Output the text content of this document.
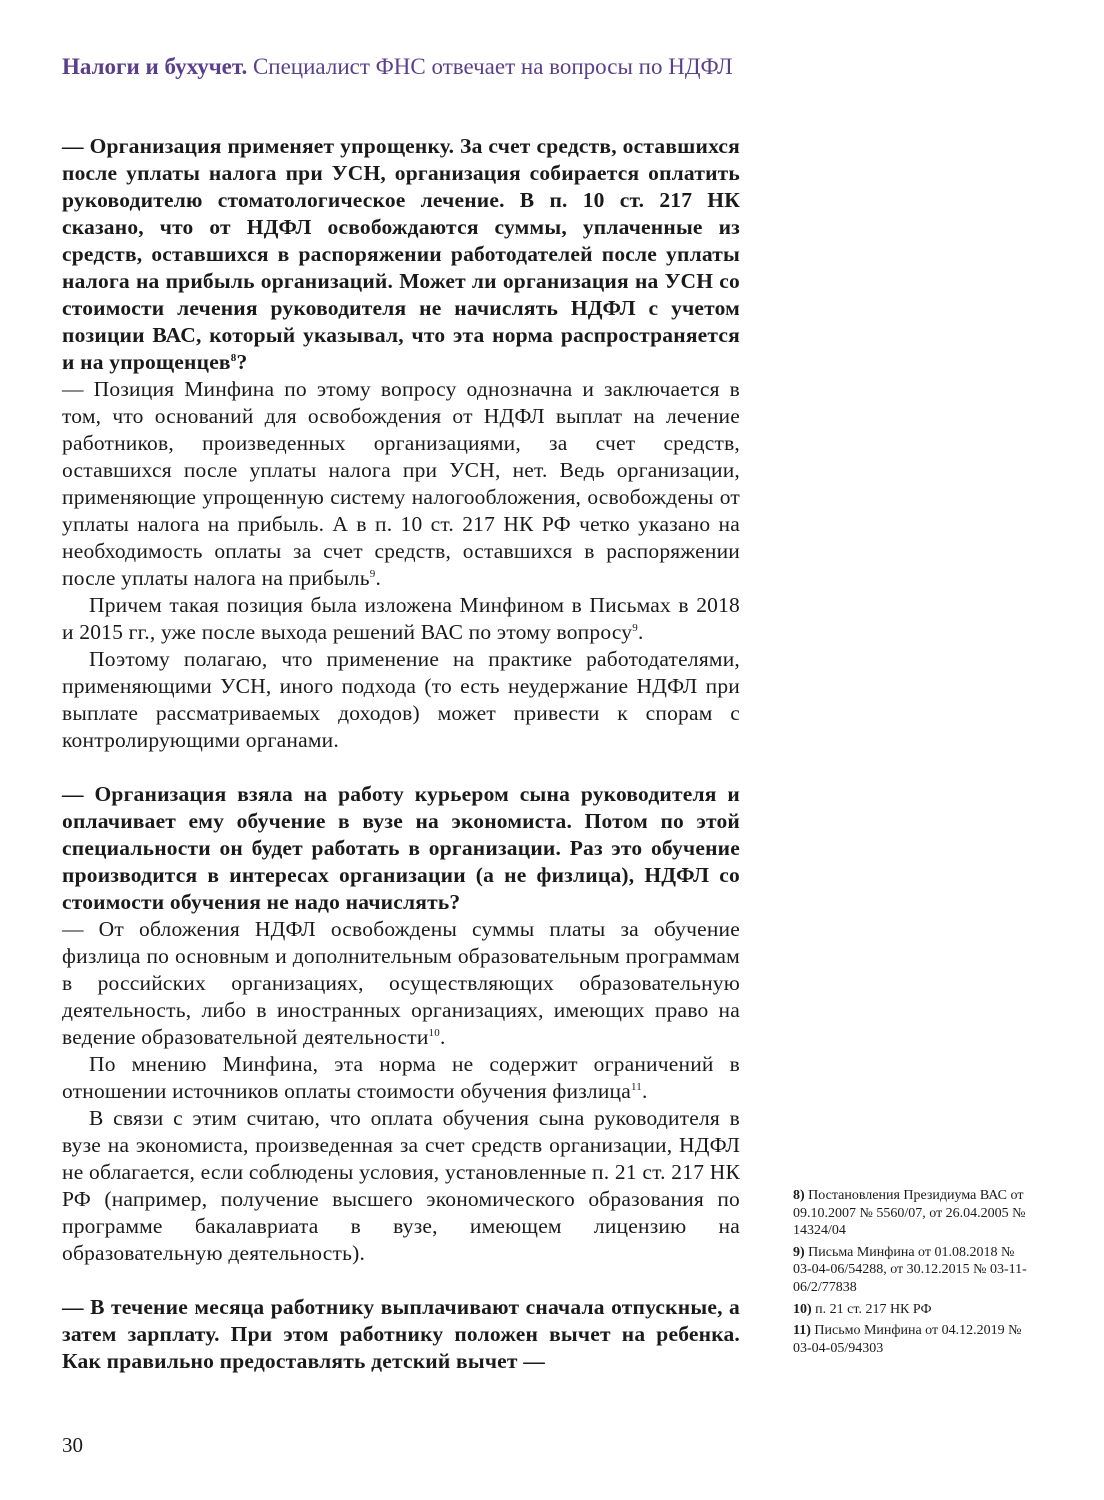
Налоги и бухучет. Специалист ФНС отвечает на вопросы по НДФЛ

— Организация применяет упрощенку. За счет средств, оставшихся после уплаты налога при УСН, организация собирается оплатить руководителю стоматологическое лечение. В п. 10 ст. 217 НК сказано, что от НДФЛ освобождаются суммы, уплаченные из средств, оставшихся в распоряжении работодателей после уплаты налога на прибыль организаций. Может ли организация на УСН со стоимости лечения руководителя не начислять НДФЛ с учетом позиции ВАС, который указывал, что эта норма распространяется и на упрощенцев$^8$?

— Позиция Минфина по этому вопросу однозначна и заключается в том, что оснований для освобождения от НДФЛ выплат на лечение работников, произведенных организациями, за счет средств, оставшихся после уплаты налога при УСН, нет. Ведь организации, применяющие упрощенную систему налогообложения, освобождены от уплаты налога на прибыль. А в п. 10 ст. 217 НК РФ четко указано на необходимость оплаты за счет средств, оставшихся в распоряжении после уплаты налога на прибыль$^9$.

Причем такая позиция была изложена Минфином в Письмах в 2018 и 2015 гг., уже после выхода решений ВАС по этому вопросу$^9$.

Поэтому полагаю, что применение на практике работодателями, применяющими УСН, иного подхода (то есть неудержание НДФЛ при выплате рассматриваемых доходов) может привести к спорам с контролирующими органами.

— Организация взяла на работу курьером сына руководителя и оплачивает ему обучение в вузе на экономиста. Потом по этой специальности он будет работать в организации. Раз это обучение производится в интересах организации (а не физлица), НДФЛ со стоимости обучения не надо начислять?

— От обложения НДФЛ освобождены суммы платы за обучение физлица по основным и дополнительным образовательным программам в российских организациях, осуществляющих образовательную деятельность, либо в иностранных организациях, имеющих право на ведение образовательной деятельности$^{10}$.

По мнению Минфина, эта норма не содержит ограничений в отношении источников оплаты стоимости обучения физлица$^{11}$.

В связи с этим считаю, что оплата обучения сына руководителя в вузе на экономиста, произведенная за счет средств организации, НДФЛ не облагается, если соблюдены условия, установленные п. 21 ст. 217 НК РФ (например, получение высшего экономического образования по программе бакалавриата в вузе, имеющем лицензию на образовательную деятельность).

— В течение месяца работнику выплачивают сначала отпускные, а затем зарплату. При этом работнику положен вычет на ребенка. Как правильно предоставлять детский вычет —

8) Постановления Президиума ВАС от 09.10.2007 № 5560/07, от 26.04.2005 № 14324/04
9) Письма Минфина от 01.08.2018 № 03-04-06/54288, от 30.12.2015 № 03-11-06/2/77838
10) п. 21 ст. 217 НК РФ
11) Письмо Минфина от 04.12.2019 № 03-04-05/94303
30
